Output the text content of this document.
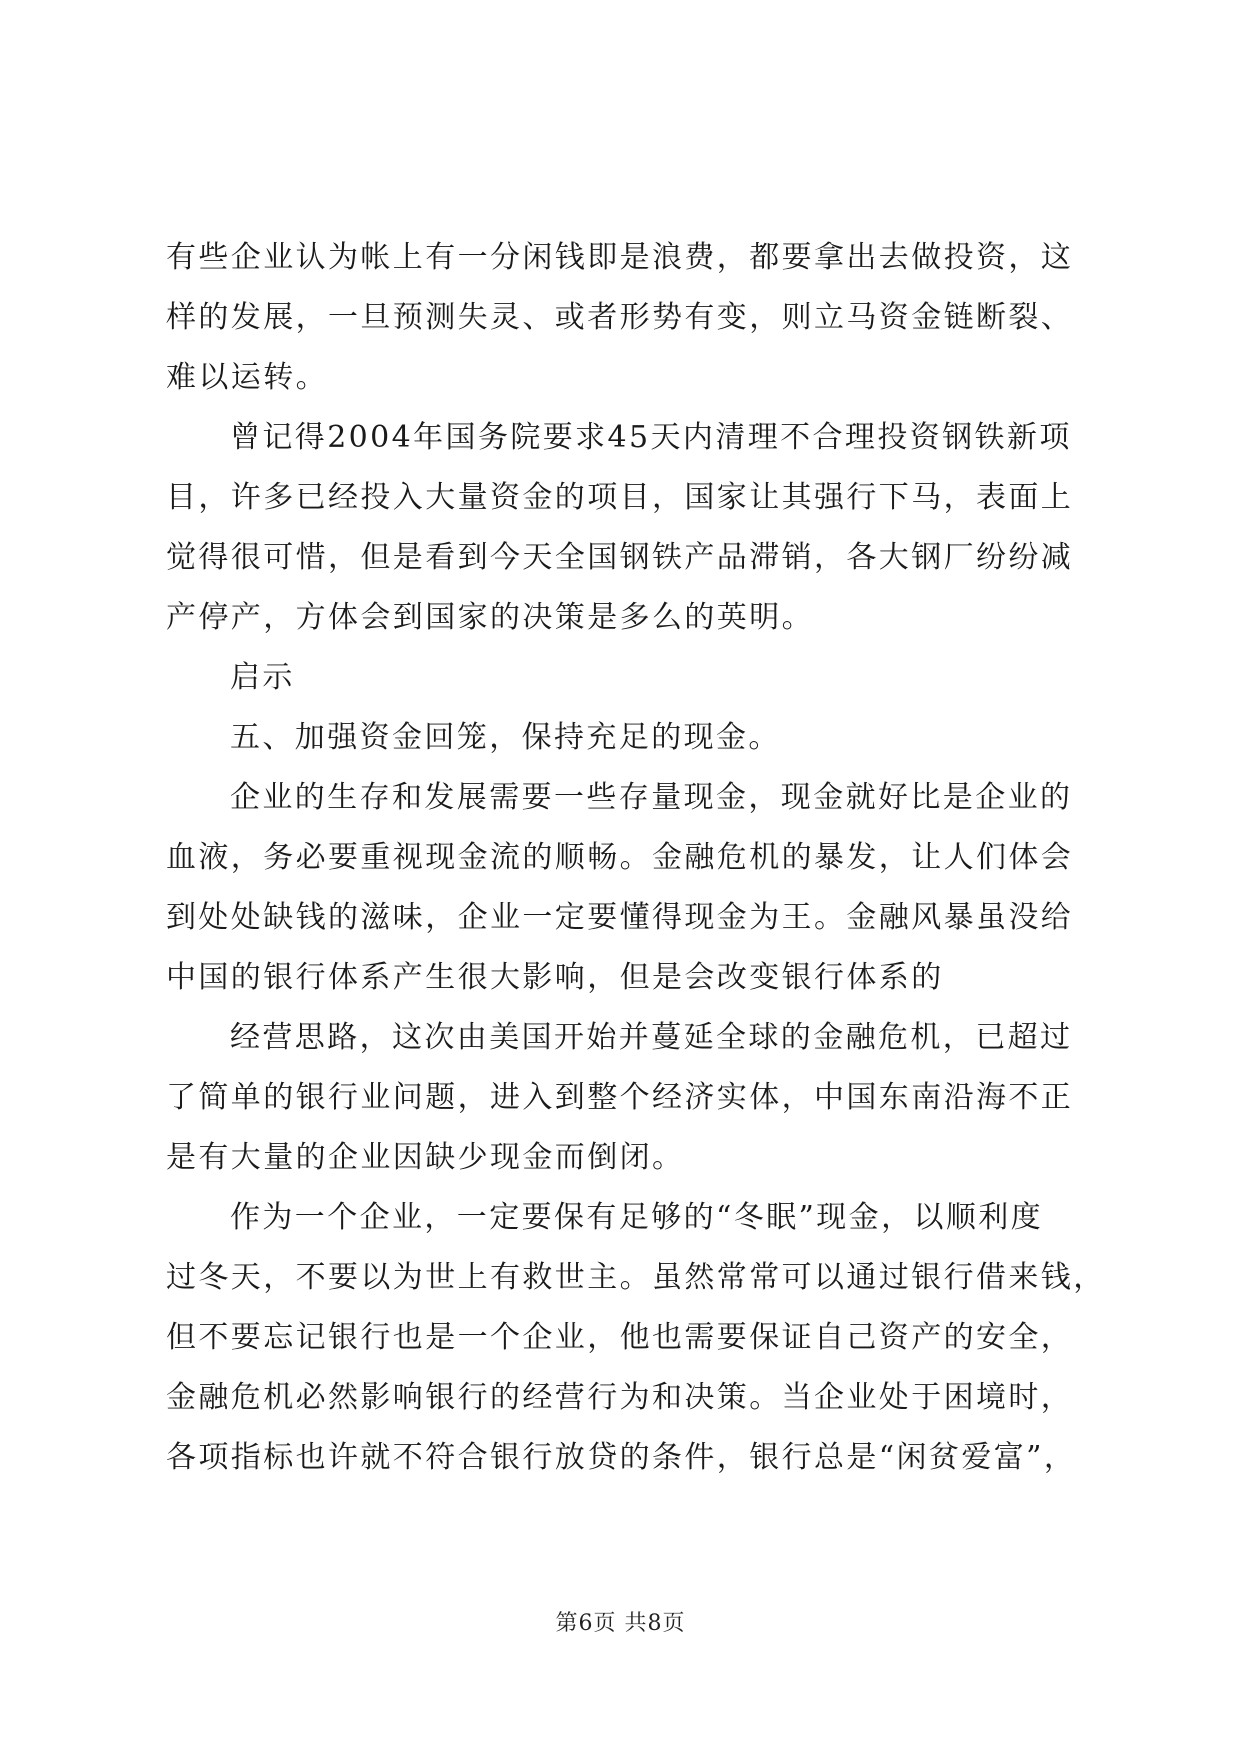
有些企业认为帐上有一分闲钱即是浪费，都要拿出去做投资，这
样的发展，一旦预测失灵、或者形势有变，则立马资金链断裂、
难以运转。
曾记得2004年国务院要求45天内清理不合理投资钢铁新项
目，许多已经投入大量资金的项目，国家让其强行下马，表面上
觉得很可惜，但是看到今天全国钢铁产品滞销，各大钢厂纷纷减
产停产，方体会到国家的决策是多么的英明。
启示
五、加强资金回笼，保持充足的现金。
企业的生存和发展需要一些存量现金，现金就好比是企业的
血液，务必要重视现金流的顺畅。金融危机的暴发，让人们体会
到处处缺钱的滋味，企业一定要懂得现金为王。金融风暴虽没给
中国的银行体系产生很大影响，但是会改变银行体系的
经营思路，这次由美国开始并蔓延全球的金融危机，已超过
了简单的银行业问题，进入到整个经济实体，中国东南沿海不正
是有大量的企业因缺少现金而倒闭。
作为一个企业，一定要保有足够的“冬眠”现金，以顺利度
过冬天，不要以为世上有救世主。虽然常常可以通过银行借来钱，
但不要忘记银行也是一个企业，他也需要保证自己资产的安全，
金融危机必然影响银行的经营行为和决策。当企业处于困境时，
各项指标也许就不符合银行放贷的条件，银行总是“闲贫爱富”，
第6页 共8页
